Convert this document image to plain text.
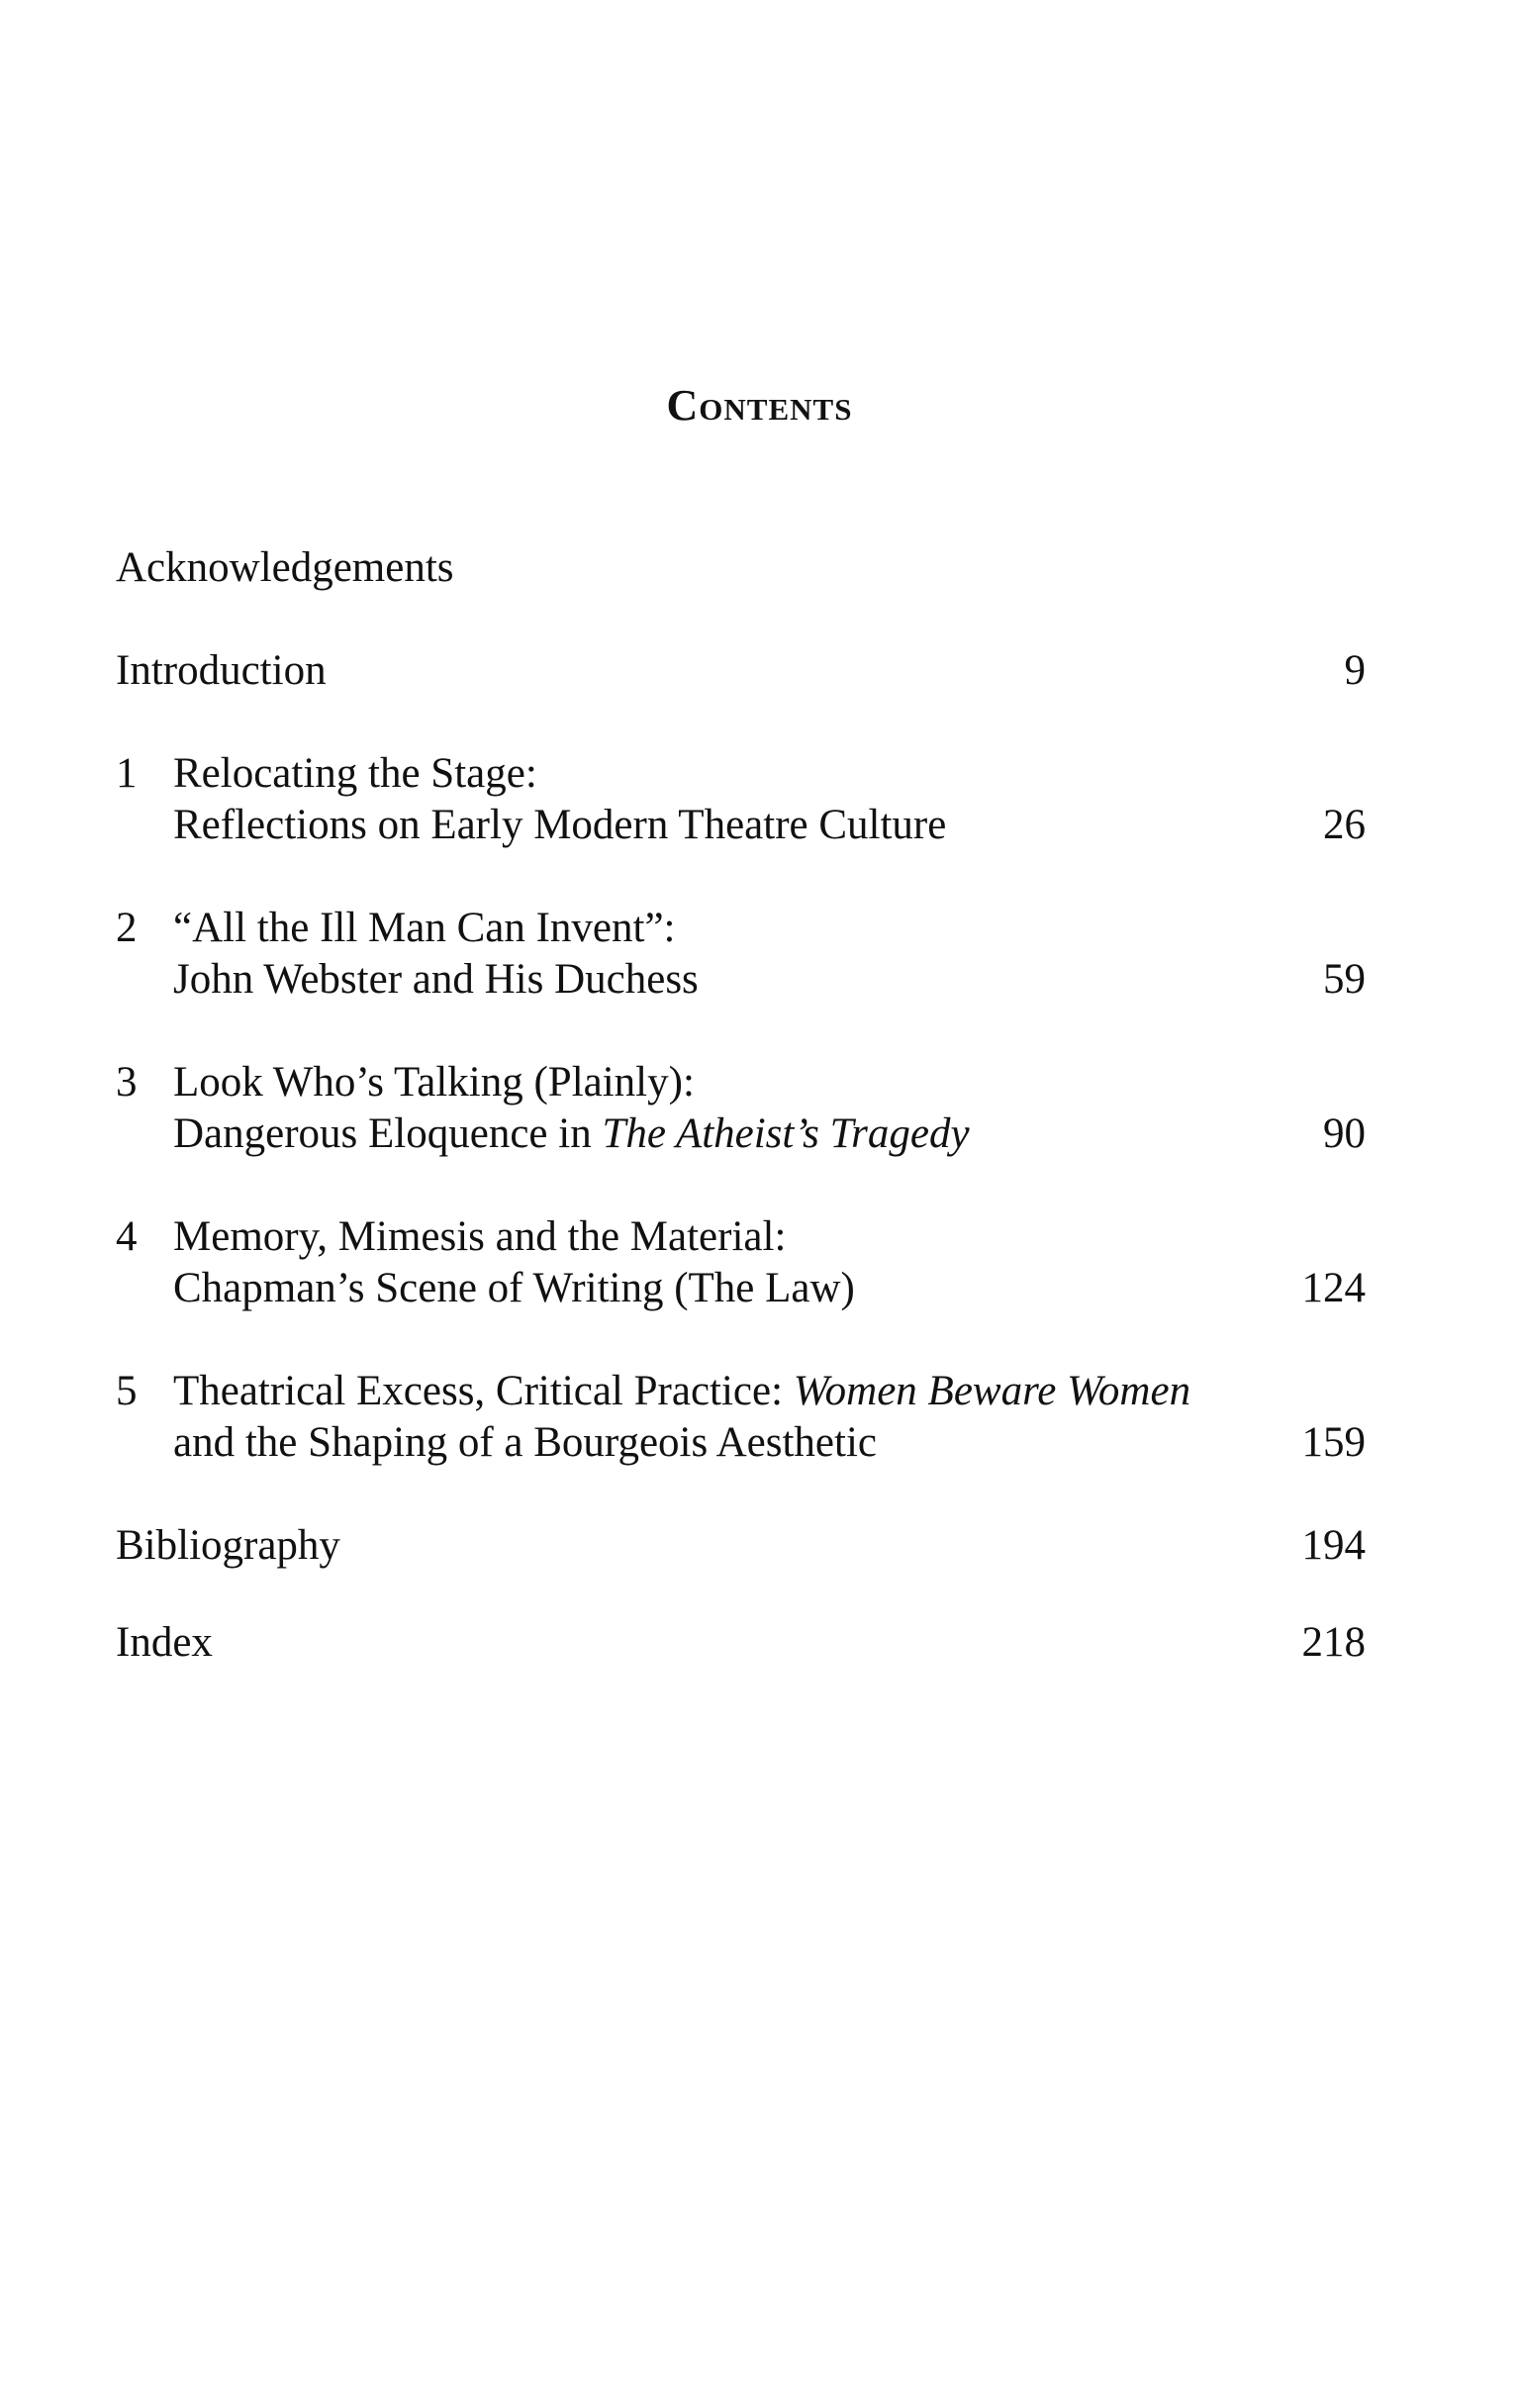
Contents
Acknowledgements
Introduction	9
1 Relocating the Stage:
Reflections on Early Modern Theatre Culture	26
2 “All the Ill Man Can Invent”:
John Webster and His Duchess	59
3 Look Who’s Talking (Plainly):
Dangerous Eloquence in The Atheist’s Tragedy	90
4 Memory, Mimesis and the Material:
Chapman’s Scene of Writing (The Law)	124
5 Theatrical Excess, Critical Practice: Women Beware Women
and the Shaping of a Bourgeois Aesthetic	159
Bibliography	194
Index	218
